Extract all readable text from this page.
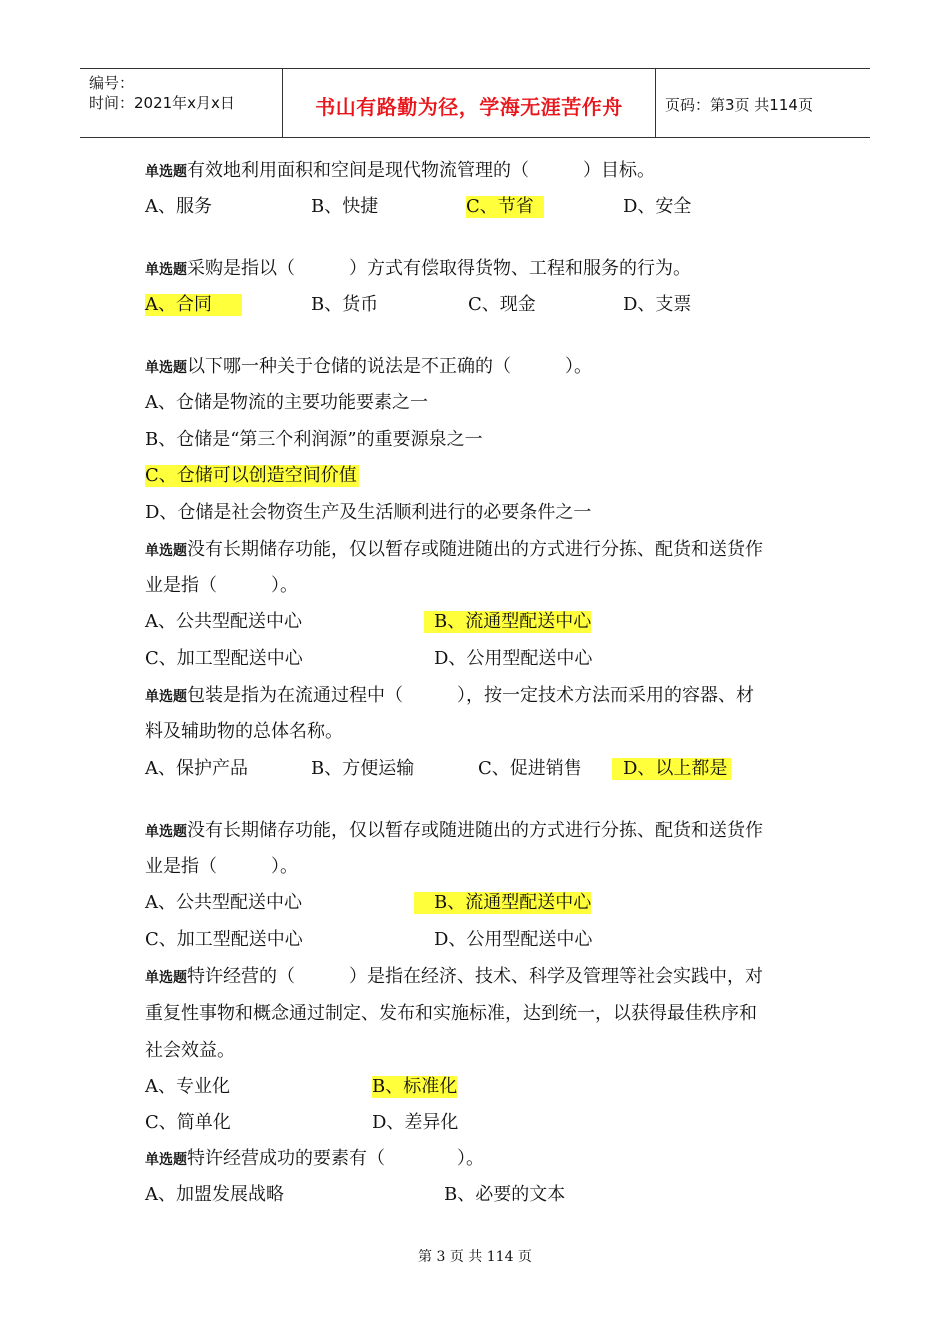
编号：
时间：2021年x月x日	书山有路勤为径，学海无涯苦作舟	页码：第3页 共114页
单选题有效地利用面积和空间是现代物流管理的（　　　）目标。
A、服务	B、快捷	C、节省	D、安全
单选题采购是指以（　　　）方式有偿取得货物、工程和服务的行为。
A、合同	B、货币	C、现金	D、支票
单选题以下哪一种关于仓储的说法是不正确的（　　　）。
A、仓储是物流的主要功能要素之一
B、仓储是“第三个利润源”的重要源泉之一
C、仓储可以创造空间价值
D、仓储是社会物资生产及生活顺利进行的必要条件之一
单选题没有长期储存功能，仅以暂存或随进随出的方式进行分拣、配货和送货作
业是指（　　　）。
A、公共型配送中心	B、流通型配送中心
C、加工型配送中心	D、公用型配送中心
单选题包装是指为在流通过程中（　　　），按一定技术方法而采用的容器、材
料及辅助物的总体名称。
A、保护产品	B、方便运输	C、促进销售	D、以上都是
单选题没有长期储存功能，仅以暂存或随进随出的方式进行分拣、配货和送货作
业是指（　　　）。
A、公共型配送中心	B、流通型配送中心
C、加工型配送中心	D、公用型配送中心
单选题特许经营的（　　　）是指在经济、技术、科学及管理等社会实践中，对
重复性事物和概念通过制定、发布和实施标准，达到统一，以获得最佳秩序和
社会效益。
A、专业化	B、标准化
C、简单化	D、差异化
单选题特许经营成功的要素有（　　　　）。
A、加盟发展战略	B、必要的文本
第 3 页 共 114 页
